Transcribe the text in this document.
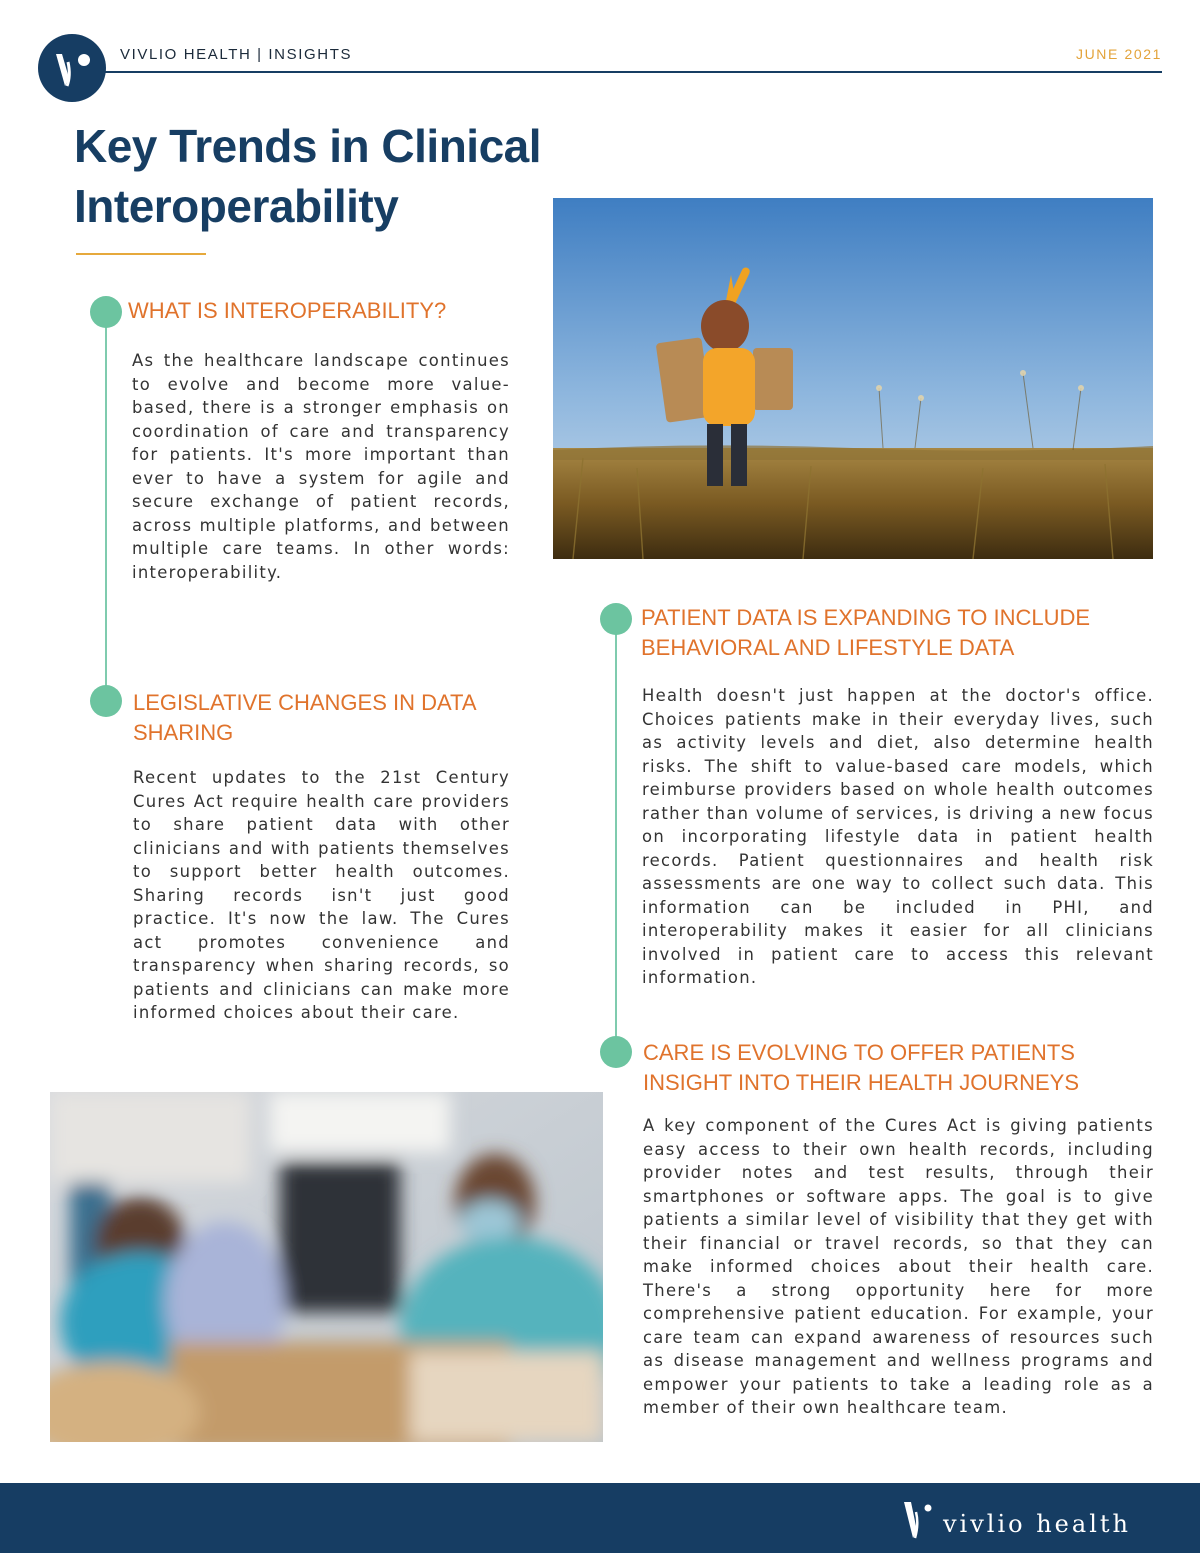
VIVLIO HEALTH | INSIGHTS	JUNE 2021
Key Trends in Clinical Interoperability
WHAT IS INTEROPERABILITY?
As the healthcare landscape continues to evolve and become more value-based, there is a stronger emphasis on coordination of care and transparency for patients. It's more important than ever to have a system for agile and secure exchange of patient records, across multiple platforms, and between multiple care teams. In other words: interoperability.
LEGISLATIVE CHANGES IN DATA SHARING
Recent updates to the 21st Century Cures Act require health care providers to share patient data with other clinicians and with patients themselves to support better health outcomes. Sharing records isn't just good practice. It's now the law. The Cures act promotes convenience and transparency when sharing records, so patients and clinicians can make more informed choices about their care.
PATIENT DATA IS EXPANDING TO INCLUDE BEHAVIORAL AND LIFESTYLE DATA
Health doesn't just happen at the doctor's office. Choices patients make in their everyday lives, such as activity levels and diet, also determine health risks. The shift to value-based care models, which reimburse providers based on whole health outcomes rather than volume of services, is driving a new focus on incorporating lifestyle data in patient health records. Patient questionnaires and health risk assessments are one way to collect such data. This information can be included in PHI, and interoperability makes it easier for all clinicians involved in patient care to access this relevant information.
CARE IS EVOLVING TO OFFER PATIENTS INSIGHT INTO THEIR HEALTH JOURNEYS
A key component of the Cures Act is giving patients easy access to their own health records, including provider notes and test results, through their smartphones or software apps. The goal is to give patients a similar level of visibility that they get with their financial or travel records, so that they can make informed choices about their health care. There's a strong opportunity here for more comprehensive patient education. For example, your care team can expand awareness of resources such as disease management and wellness programs and empower your patients to take a leading role as a member of their own healthcare team.
vivlio health
